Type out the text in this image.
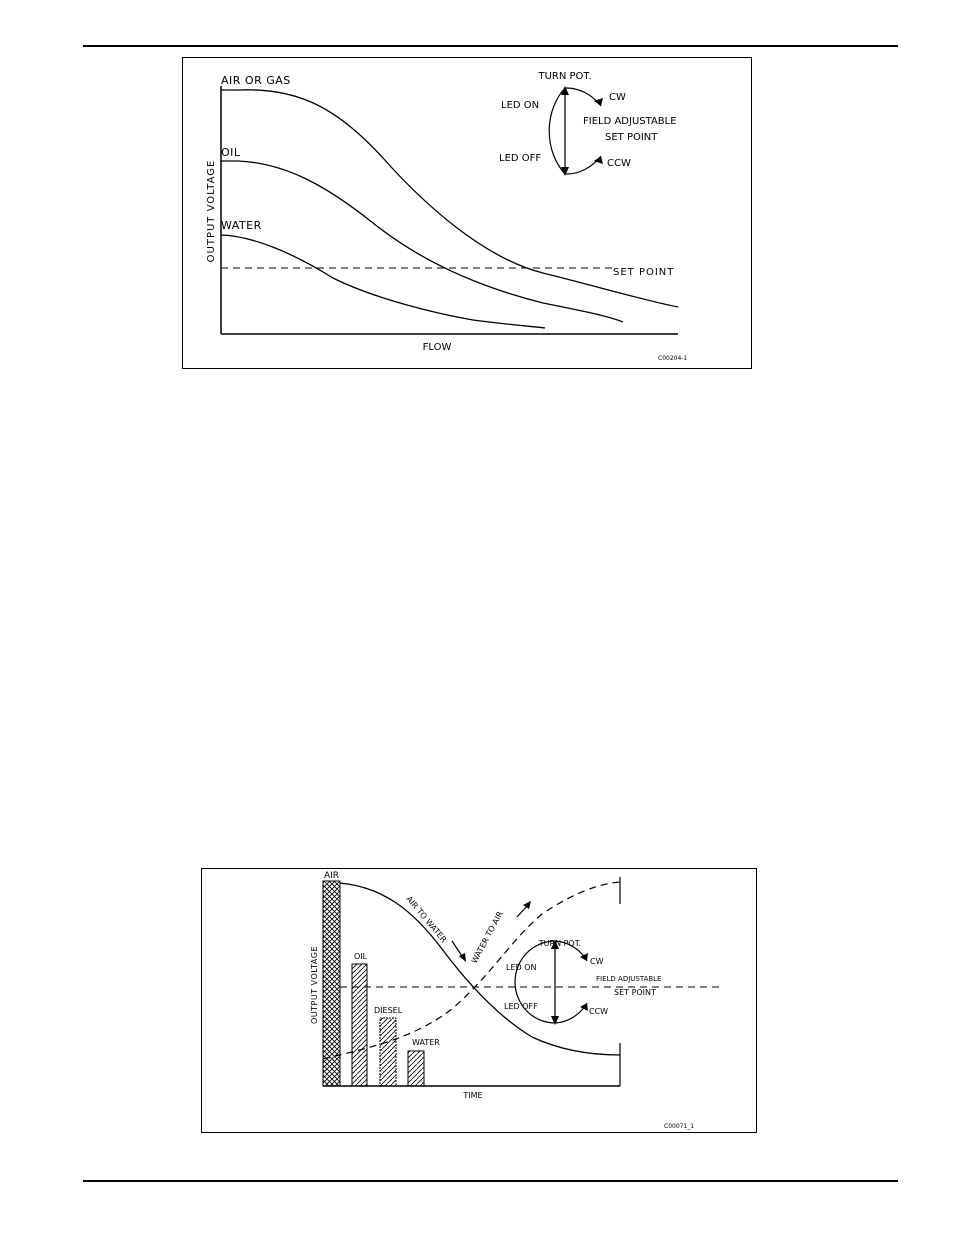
AIR OR GAS
OIL
WATER
OUTPUT VOLTAGE
FLOW
SET POINT
TURN POT.
LED ON
LED OFF
CW
CCW
FIELD ADJUSTABLE
SET POINT
C00204-1
AIR
OIL
DIESEL
WATER
OUTPUT VOLTAGE
TIME
AIR TO WATER	WATER TO AIR	TURN POT.
LED ON
LED OFF
CW
CCW
FIELD ADJUSTABLE
SET POINT
C00071_1
